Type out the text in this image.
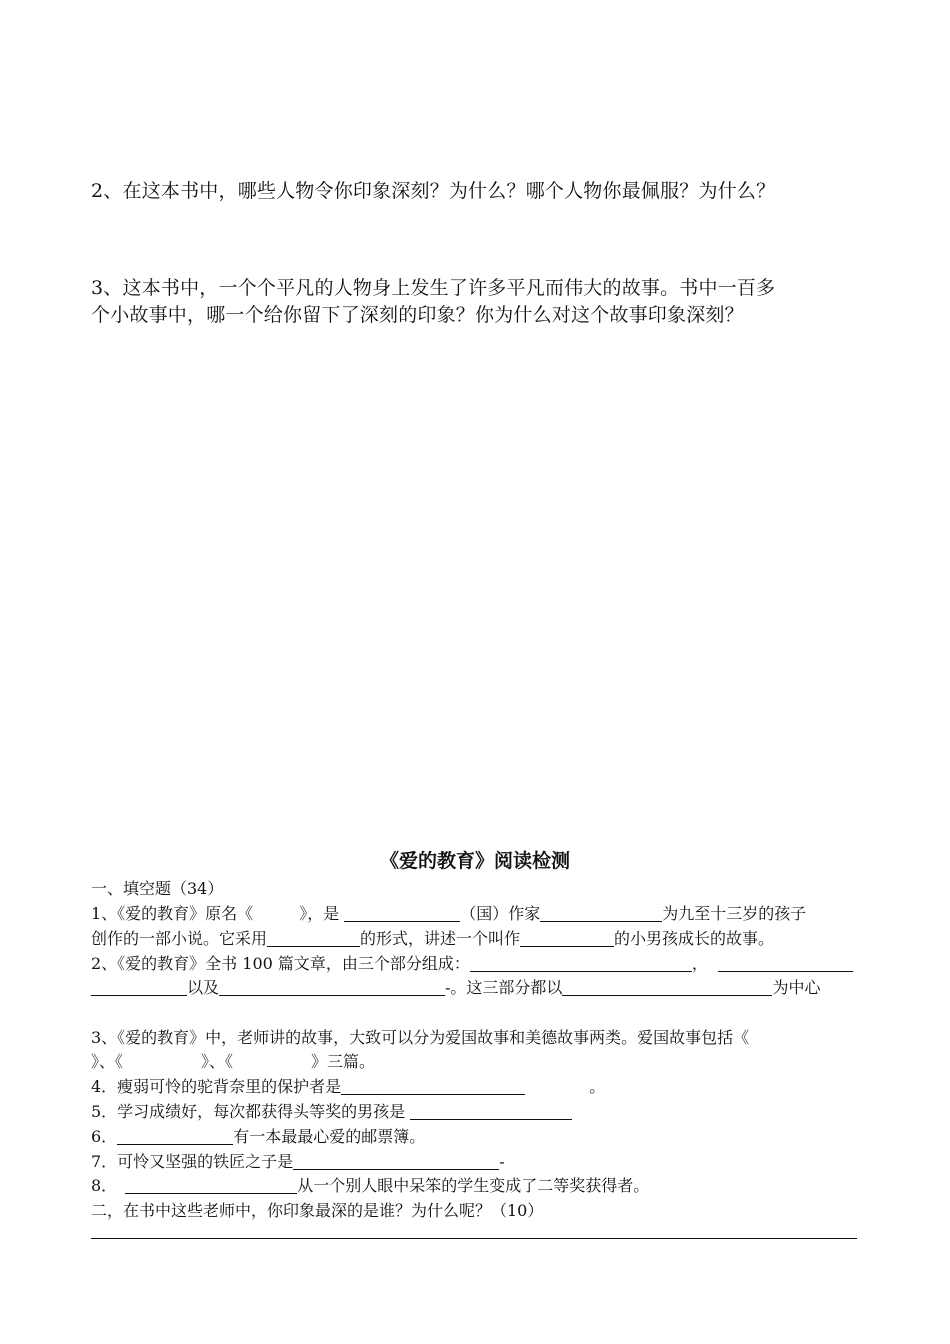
2、在这本书中，哪些人物令你印象深刻？为什么？哪个人物你最佩服？为什么？
3、这本书中，一个个平凡的人物身上发生了许多平凡而伟大的故事。书中一百多
个小故事中，哪一个给你留下了深刻的印象？你为什么对这个故事印象深刻？
《爱的教育》阅读检测
一、填空题（34）
1、《爱的教育》原名《	》，是	（国）作家	为九至十三岁的孩子
创作的一部小说。它采用	的形式，讲述一个叫作	的小男孩成长的故事。
2、《爱的教育》全书 100 篇文章，由三个部分组成：	，
以及	-。这三部分都以	为中心
3、《爱的教育》中，老师讲的故事，大致可以分为爱国故事和美德故事两类。爱国故事包括《
》、《	》、《	》三篇。
4．瘦弱可怜的驼背奈里的保护者是	。
5．学习成绩好，每次都获得头等奖的男孩是
6．	有一本最最心爱的邮票簿。
7．可怜又坚强的铁匠之子是	-
8．	从一个别人眼中呆笨的学生变成了二等奖获得者。
二，在书中这些老师中，你印象最深的是谁？为什么呢？（10）
